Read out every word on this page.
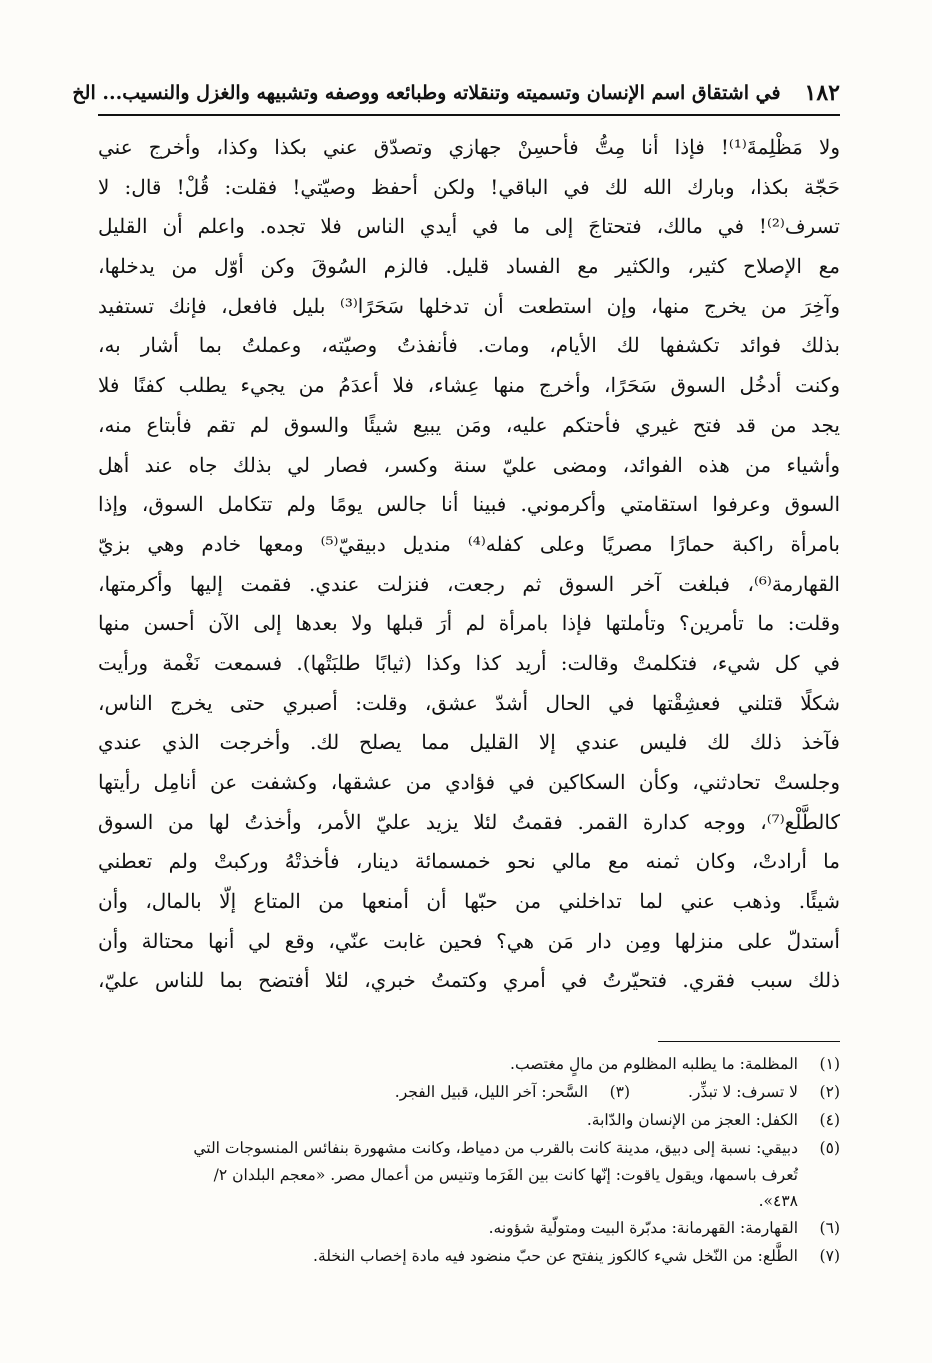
١٨٢
في اشتقاق اسم الإنسان وتسميته وتنقلاته وطبائعه ووصفه وتشبيهه والغزل والنسيب... الخ
ولا مَظْلِمةَ⁽¹⁾! فإذا أنا مِتُّ فأحسِنْ جهازي وتصدّق عني بكذا وكذا، وأخرج عني
حَجّة بكذا، وبارك الله لك في الباقي! ولكن أحفظ وصيّتي! فقلت: قُلْ! قال: لا
تسرف⁽²⁾! في مالك، فتحتاجَ إلى ما في أيدي الناس فلا تجده. واعلم أن القليل
مع الإصلاح كثير، والكثير مع الفساد قليل. فالزم السُوقَ وكن أوّل من يدخلها،
وآخِرَ من يخرج منها، وإن استطعت أن تدخلها سَحَرًا⁽³⁾ بليل فافعل، فإنك تستفيد
بذلك فوائد تكشفها لك الأيام، ومات. فأنفذتُ وصيّته، وعملتُ بما أشار به،
وكنت أدخُل السوق سَحَرًا، وأخرج منها عِشاء، فلا أعدَمُ من يجيء يطلب كفنًا فلا
يجد من قد فتح غيري فأحتكم عليه، ومَن يبيع شيئًا والسوق لم تقم فأبتاع منه،
وأشياء من هذه الفوائد، ومضى عليّ سنة وكسر، فصار لي بذلك جاه عند أهل
السوق وعرفوا استقامتي وأكرموني. فبينا أنا جالس يومًا ولم تتكامل السوق، وإذا
بامرأة راكبة حمارًا مصريًا وعلى كفله⁽⁴⁾ منديل دبيقيّ⁽⁵⁾ ومعها خادم وهي بزيّ
القهارمة⁽⁶⁾، فبلغت آخر السوق ثم رجعت، فنزلت عندي. فقمت إليها وأكرمتها،
وقلت: ما تأمرين؟ وتأملتها فإذا بامرأة لم أرَ قبلها ولا بعدها إلى الآن أحسن منها
في كل شيء، فتكلمتْ وقالت: أريد كذا وكذا (ثيابًا طلبَتْها). فسمعت نَغْمة ورأيت
شكلًا قتلني فعشِقْتها في الحال أشدّ عشق، وقلت: أصبري حتى يخرج الناس،
فآخذ ذلك لك فليس عندي إلا القليل مما يصلح لك. وأخرجت الذي عندي
وجلستْ تحادثني، وكأن السكاكين في فؤادي من عشقها، وكشفت عن أنامِل رأيتها
كالطَّلْع⁽⁷⁾، ووجه كدارة القمر. فقمتُ لئلا يزيد عليّ الأمر، وأخذتُ لها من السوق
ما أرادتْ، وكان ثمنه مع مالي نحو خمسمائة دينار، فأخذتْهُ وركبتْ ولم تعطني
شيئًا. وذهب عني لما تداخلني من حبّها أن أمنعها من المتاع إلّا بالمال، وأن
أستدلّ على منزلها ومِن دار مَن هي؟ فحين غابت عنّي، وقع لي أنها محتالة وأن
ذلك سبب فقري. فتحيّرتُ في أمري وكتمتُ خبري، لئلا أفتضح بما للناس عليّ،
(١)
المظلمة: ما يطلبه المظلوم من مالٍ مغتصب.
(٢)
لا تسرف: لا تبذِّر.
(٣)
السَّحر: آخر الليل، قبيل الفجر.
(٤)
الكفل: العجز من الإنسان والدّابة.
(٥)
دبيقي: نسبة إلى دبيق، مدينة كانت بالقرب من دمياط، وكانت مشهورة بنفائس المنسوجات التي
تُعرف باسمها، ويقول ياقوت: إنّها كانت بين الفَرَما وتنيس من أعمال مصر. «معجم البلدان ٢/
٤٣٨».
(٦)
القهارمة: القهرمانة: مدبّرة البيت ومتولّية شؤونه.
(٧)
الطَّلع: من النّخل شيء كالكوز ينفتح عن حبّ منضود فيه مادة إخصاب النخلة.
